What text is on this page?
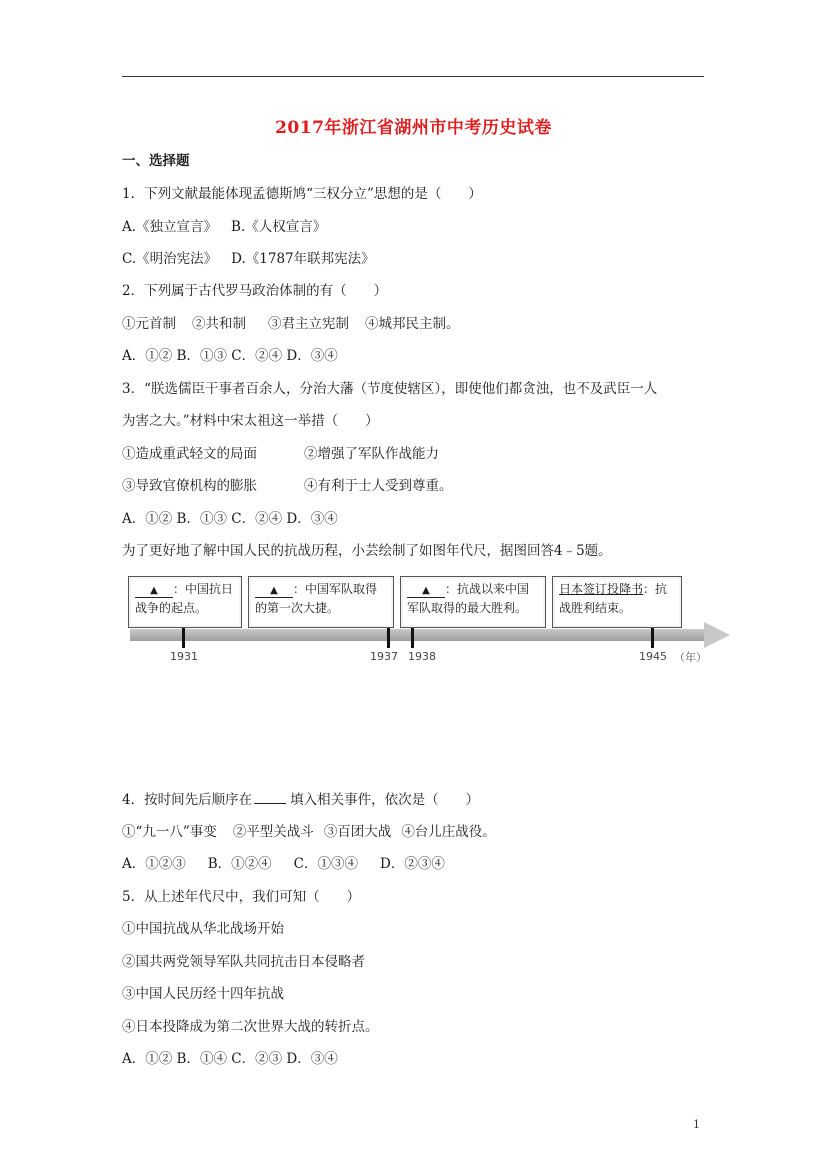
2017年浙江省湖州市中考历史试卷
一、选择题
1．下列文献最能体现孟德斯鸠“三权分立”思想的是（　　）
A.《独立宣言》 B.《人权宣言》
C.《明治宪法》 D.《1787年联邦宪法》
2．下列属于古代罗马政治体制的有（　　）
①元首制 ②共和制 ③君主立宪制 ④城邦民主制。
A．①② B．①③ C．②④ D．③④
3．“朕选儒臣干事者百余人，分治大藩（节度使辖区），即使他们都贪浊，也不及武臣一人
为害之大。”材料中宋太祖这一举措（　　）
①造成重武轻文的局面	②增强了军队作战能力
③导致官僚机构的膨胀	④有利于士人受到尊重。
A．①② B．①③ C．②④ D．③④
为了更好地了解中国人民的抗战历程，小芸绘制了如图年代尺，据图回答4﹣5题。
▲ ：中国抗日战争的起点。
▲ ：中国军队取得的第一次大捷。
▲ ：抗战以来中国军队取得的最大胜利。
日本签订投降书：抗战胜利结束。
1931	1937 1938	1945 （年）
4．按时间先后顺序在	填入相关事件，依次是（　　）
①“九一八”事变 ②平型关战斗 ③百团大战 ④台儿庄战役。
A．①②③ B．①②④ C．①③④ D．②③④
5．从上述年代尺中，我们可知（　　）
①中国抗战从华北战场开始
②国共两党领导军队共同抗击日本侵略者
③中国人民历经十四年抗战
④日本投降成为第二次世界大战的转折点。
A．①② B．①④ C．②③ D．③④
1
